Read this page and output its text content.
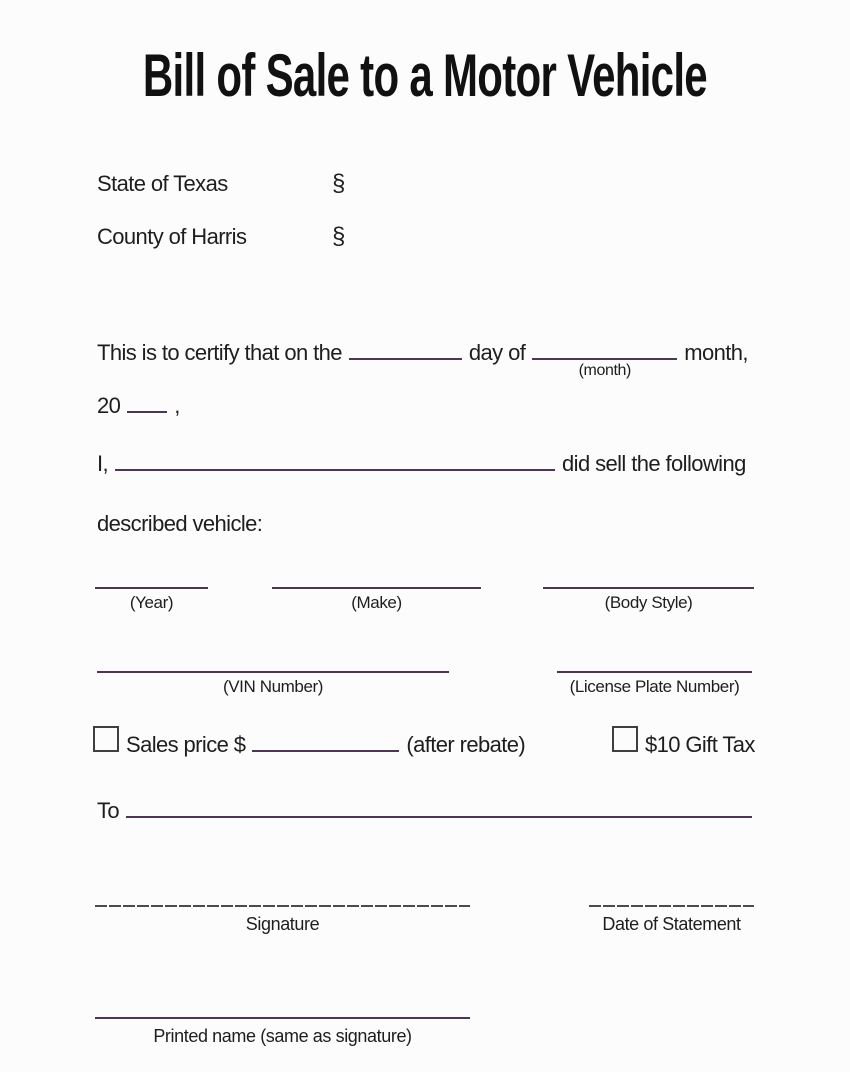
Bill of Sale to a Motor Vehicle
State of Texas	§
County of Harris	§
This is to certify that on the	day of
(month)
month,
20 ,
I,	did sell the following
described vehicle:
(Year)	(Make)	(Body Style)
(VIN Number)	(License Plate Number)
Sales price $	(after rebate)	$10 Gift Tax
To
Signature	Date of Statement
Printed name (same as signature)
